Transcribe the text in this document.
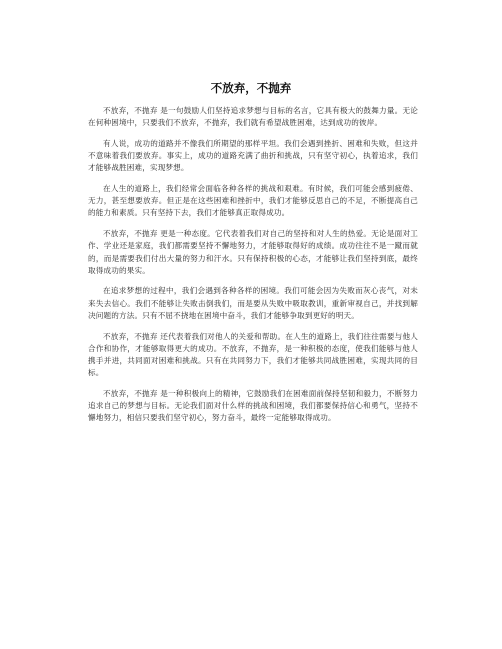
不放弃，不抛弃

不放弃，不抛弃 是一句鼓励人们坚持追求梦想与目标的名言，它具有极大的鼓舞力量。无论在何种困境中，只要我们不放弃，不抛弃，我们就有希望战胜困难，达到成功的彼岸。

有人说，成功的道路并不像我们所期望的那样平坦。我们会遇到挫折、困难和失败，但这并不意味着我们要放弃。事实上，成功的道路充满了曲折和挑战，只有坚守初心，执着追求，我们才能够战胜困难，实现梦想。

在人生的道路上，我们经常会面临各种各样的挑战和艰难。有时候，我们可能会感到疲倦、无力，甚至想要放弃。但正是在这些困难和挫折中，我们才能够反思自己的不足，不断提高自己的能力和素质。只有坚持下去，我们才能够真正取得成功。

不放弃，不抛弃 更是一种态度。它代表着我们对自己的坚持和对人生的热爱。无论是面对工作、学业还是家庭，我们都需要坚持不懈地努力，才能够取得好的成绩。成功往往不是一蹴而就的，而是需要我们付出大量的努力和汗水。只有保持积极的心态，才能够让我们坚持到底，最终取得成功的果实。

在追求梦想的过程中，我们会遇到各种各样的困境。我们可能会因为失败而灰心丧气，对未来失去信心。我们不能够让失败击倒我们，而是要从失败中吸取教训，重新审视自己，并找到解决问题的方法。只有不屈不挠地在困境中奋斗，我们才能够争取到更好的明天。

不放弃，不抛弃 还代表着我们对他人的关爱和帮助。在人生的道路上，我们往往需要与他人合作和协作，才能够取得更大的成功。不放弃，不抛弃，是一种积极的态度，使我们能够与他人携手并进，共同面对困难和挑战。只有在共同努力下，我们才能够共同战胜困难，实现共同的目标。

不放弃，不抛弃 是一种积极向上的精神，它鼓励我们在困难面前保持坚韧和毅力，不断努力追求自己的梦想与目标。无论我们面对什么样的挑战和困境，我们都要保持信心和勇气，坚持不懈地努力，相信只要我们坚守初心，努力奋斗，最终一定能够取得成功。
